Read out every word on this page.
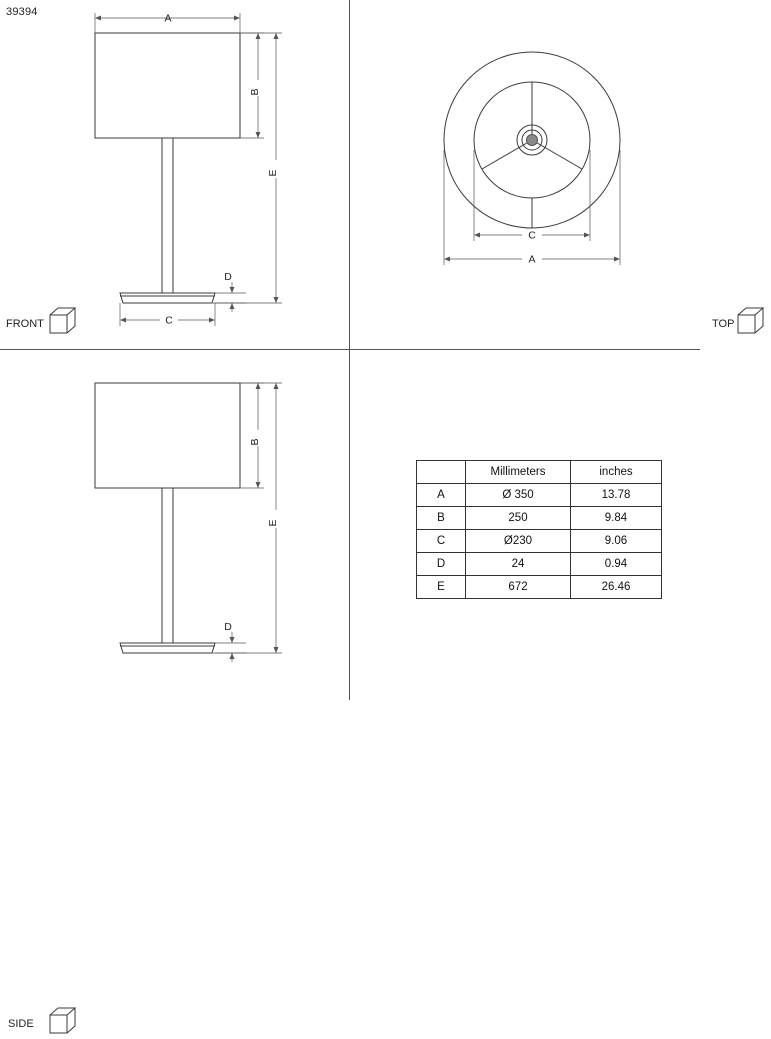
39394
A
B
E
D
C
FRONT
C
A
TOP
B
E
D
SIDE
	Millimeters	inches
A	Ø 350	13.78
B	250	9.84
C	Ø230	9.06
D	24	0.94
E	672	26.46
